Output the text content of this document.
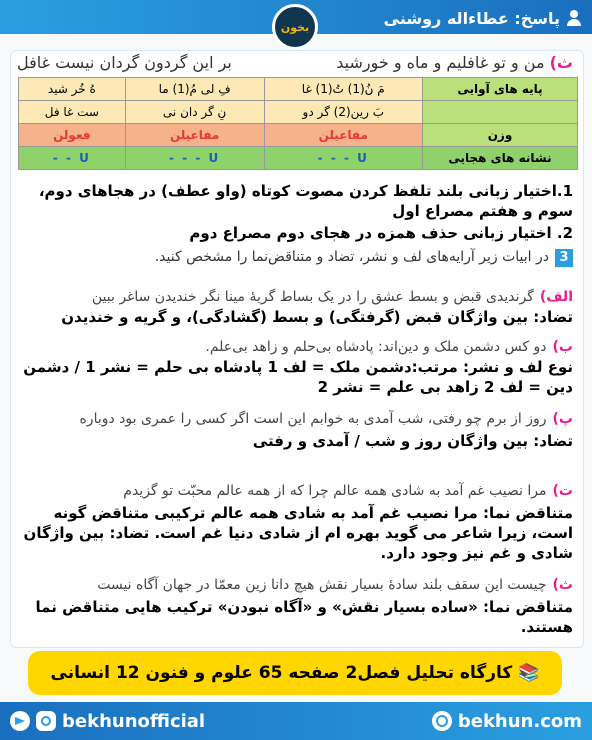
پاسخ: عطاءاله روشنی
بخون
ث) من و تو غافلیم و ماه و خورشید
بر این گردون گردان نیست غافل
پایه های آوایی	مَ نُ(1) تُ(1) غا	فِ لی مُ(1) ما	هُ خُر شید
	بَ رین(2) گر دو	نِ گر دان نی	ست غا فل
وزن	مفاعیلن	مفاعیلن	فعولن
نشانه های هجایی	U - - -	U - - -	U - -
1.اختیار زبانی بلند تلفظ کردن مصوت کوتاه (واو عطف) در هجاهای دوم، سوم و هفتم مصراع اول
2. اختیار زبانی حذف همزه در هجای دوم مصراع دوم
3در ابیات زیر آرایه‌های لف و نشر، تضاد و متناقض‌نما را مشخص کنید.
الف)گرندیدی قبض و بسط عشق را در یک بساط گریهٔ مینا نگر خندیدن ساغر ببین
تضاد: بین واژگان قبض (گرفتگی) و بسط (گشادگی)، و گریه و خندیدن
ب)دو کس دشمن ملک و دین‌اند: پادشاه بی‌حلم و زاهد بی‌علم.
نوع لف و نشر: مرتب:دشمن ملک = لف 1 پادشاه بی حلم = نشر 1 / دشمن دین = لف 2 زاهد بی علم = نشر 2
پ)روز از برم چو رفتی، شب آمدی به خوابم این است اگر کسی را عمری بود دوباره
تضاد: بین واژگان روز و شب / آمدی و رفتی
ت)مرا نصیب غم آمد به شادی همه عالم چرا که از همه عالم محبّت تو گزیدم
متناقض نما: مرا نصیب غم آمد به شادی همه عالم ترکیبی متناقض گونه است، زیرا شاعر می گوید بهره ام از شادی دنیا غم است. تضاد: بین واژگان شادی و غم نیز وجود دارد.
ث)چیست این سقف بلند سادهٔ بسیار نقش هیچ دانا زین معمّا در جهان آگاه نیست
متناقض نما: «ساده بسیار نقش» و «آگاه نبودن» ترکیب هایی متناقض نما هستند.
📚
کارگاه تحلیل فصل2 صفحه 65 علوم و فنون 12 انسانی
bekhunofficial	bekhun.com
